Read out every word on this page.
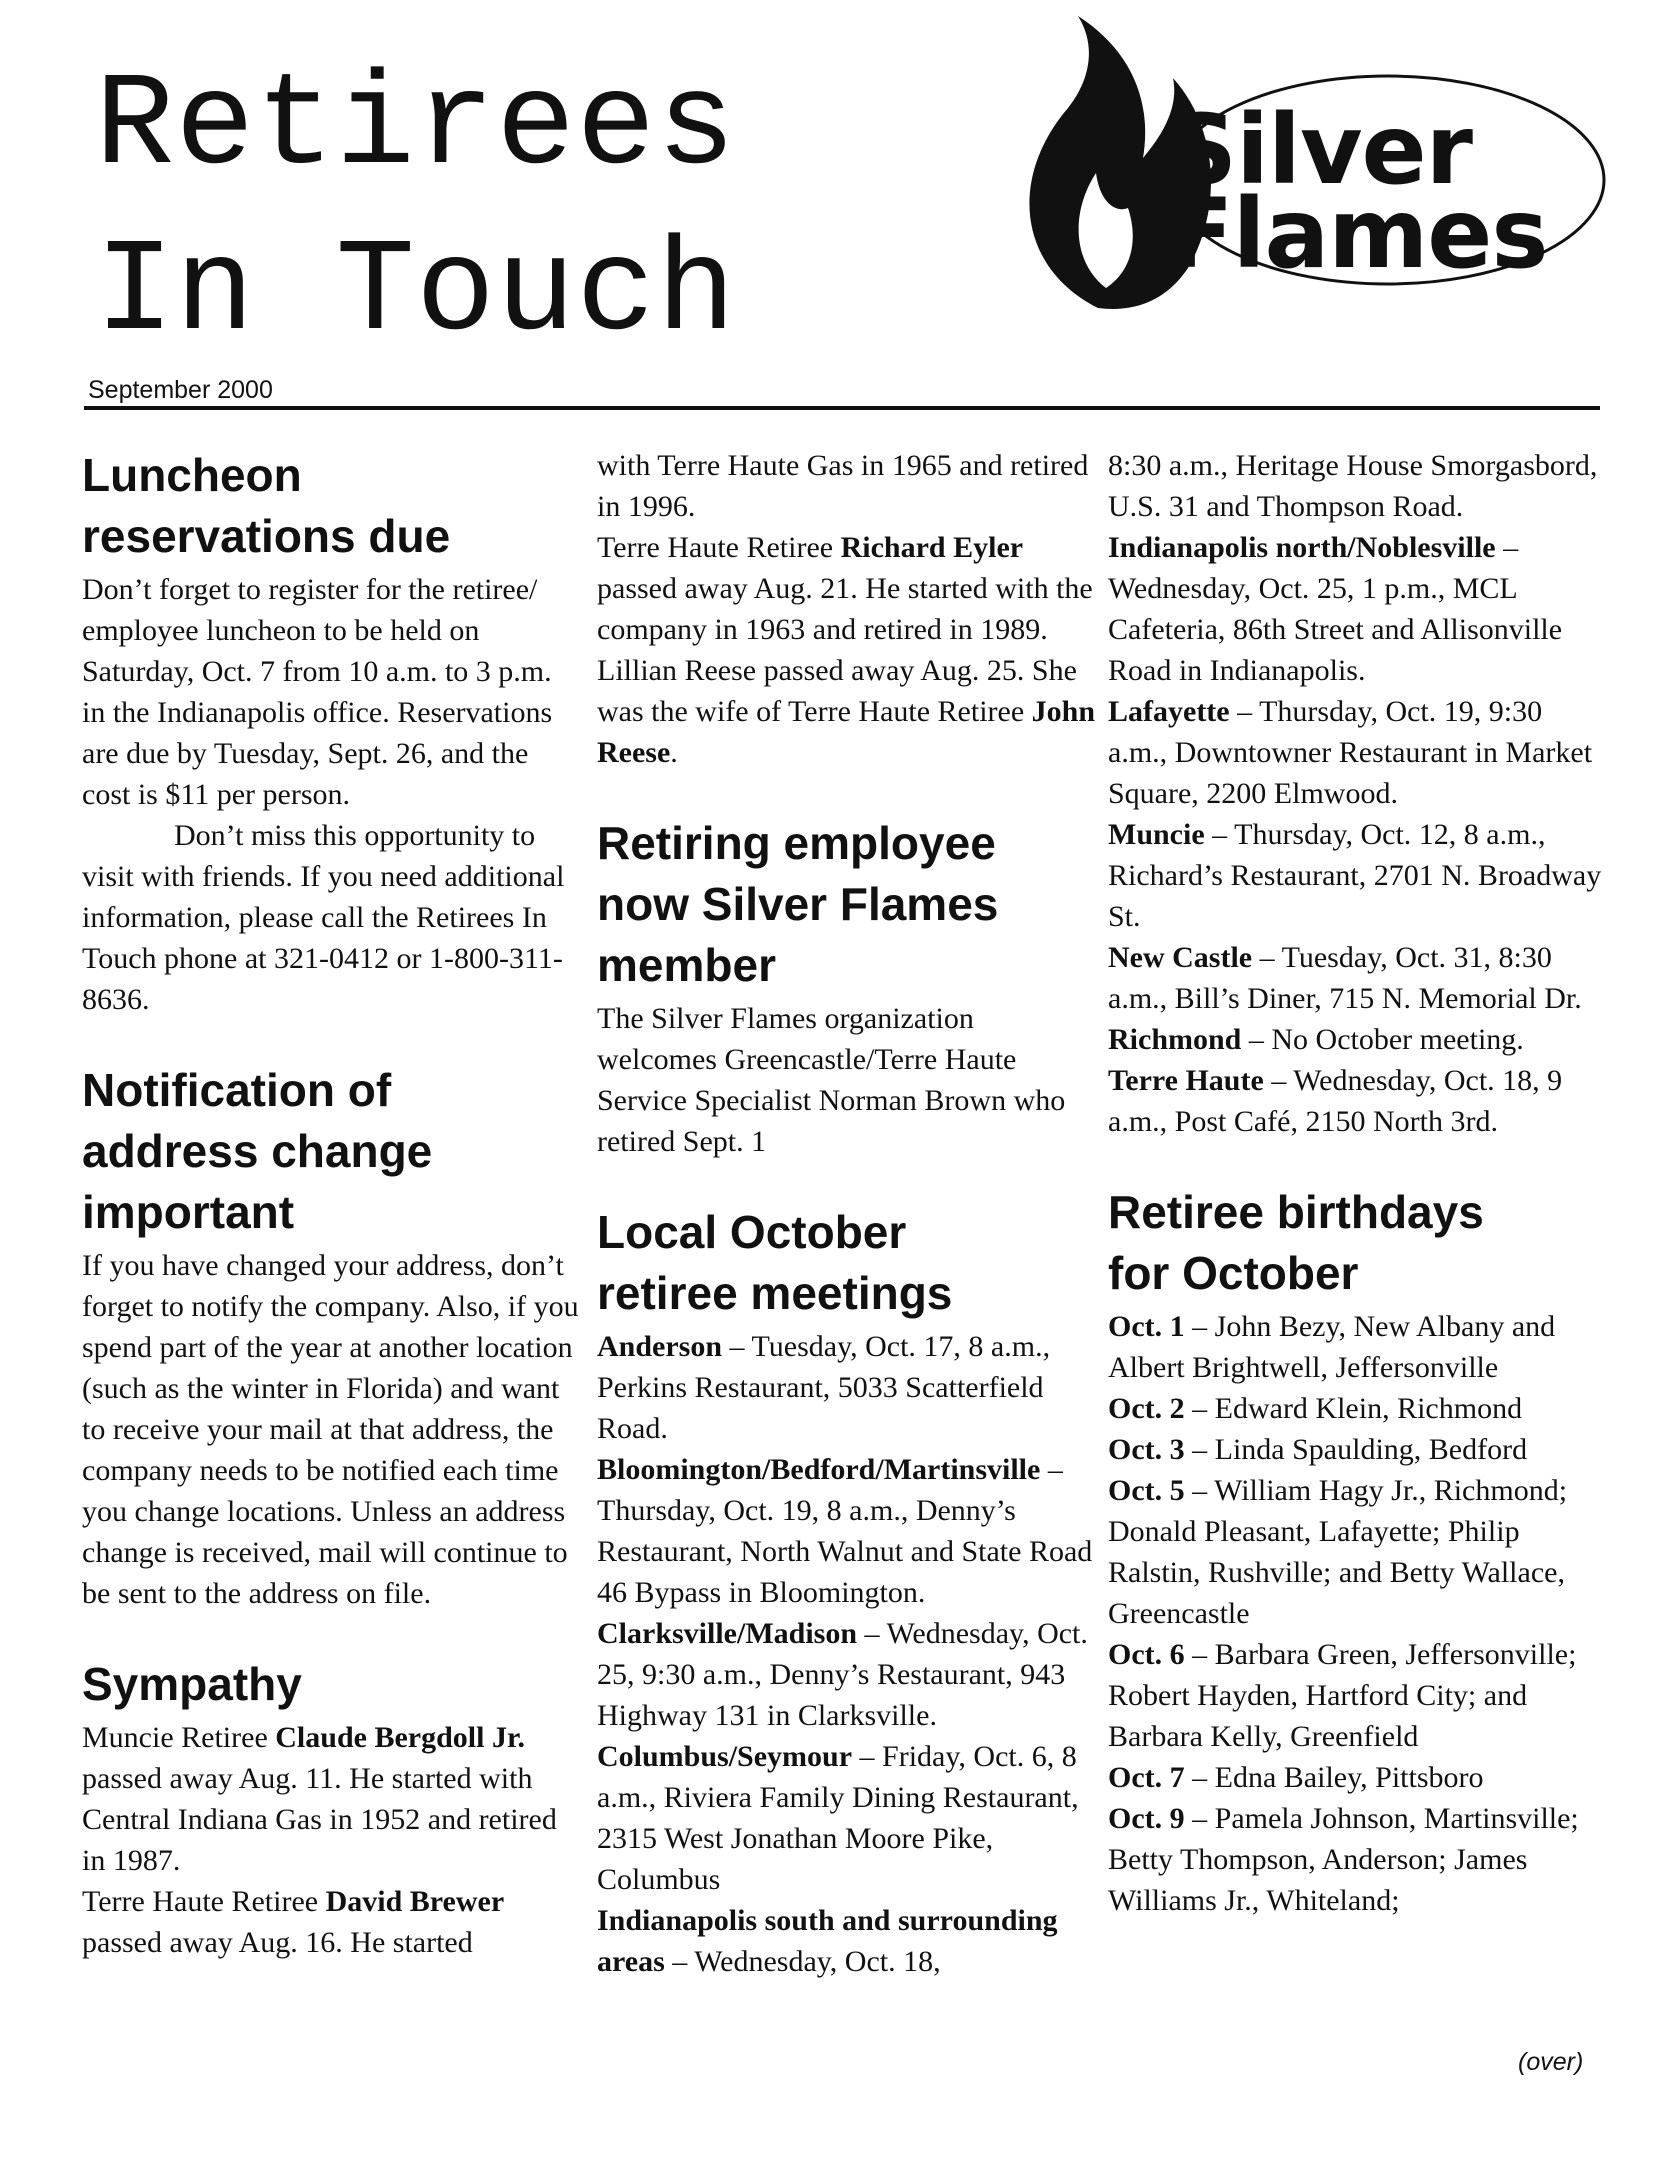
Retirees
In Touch
Silver
Flames
September 2000
Luncheon
reservations due

Don’t forget to register for the retiree/ employee luncheon to be held on Saturday, Oct. 7 from 10 a.m. to 3 p.m. in the Indianapolis office. Reservations are due by Tuesday, Sept. 26, and the cost is $11 per person.

Don’t miss this opportunity to visit with friends. If you need additional information, please call the Retirees In Touch phone at 321-0412 or 1-800-311-8636.

Notification of
address change
important

If you have changed your address, don’t forget to notify the company. Also, if you spend part of the year at another location (such as the winter in Florida) and want to receive your mail at that address, the company needs to be notified each time you change locations. Unless an address change is received, mail will continue to be sent to the address on file.

Sympathy

Muncie Retiree Claude Bergdoll Jr. passed away Aug. 11. He started with Central Indiana Gas in 1952 and retired in 1987.

Terre Haute Retiree David Brewer passed away Aug. 16. He started

with Terre Haute Gas in 1965 and retired in 1996.

Terre Haute Retiree Richard Eyler passed away Aug. 21. He started with the company in 1963 and retired in 1989.

Lillian Reese passed away Aug. 25. She was the wife of Terre Haute Retiree John Reese.

Retiring employee
now Silver Flames
member

The Silver Flames organization welcomes Greencastle/Terre Haute Service Specialist Norman Brown who retired Sept. 1

Local October
retiree meetings

Anderson – Tuesday, Oct. 17, 8 a.m., Perkins Restaurant, 5033 Scatterfield Road.

Bloomington/Bedford/Martinsville – Thursday, Oct. 19, 8 a.m., Denny’s Restaurant, North Walnut and State Road 46 Bypass in Bloomington.

Clarksville/Madison – Wednesday, Oct. 25, 9:30 a.m., Denny’s Restaurant, 943 Highway 131 in Clarksville.

Columbus/Seymour – Friday, Oct. 6, 8 a.m., Riviera Family Dining Restaurant, 2315 West Jonathan Moore Pike, Columbus

Indianapolis south and surrounding areas – Wednesday, Oct. 18,

8:30 a.m., Heritage House Smorgasbord, U.S. 31 and Thompson Road.

Indianapolis north/Noblesville – Wednesday, Oct. 25, 1 p.m., MCL Cafeteria, 86th Street and Allisonville Road in Indianapolis.

Lafayette – Thursday, Oct. 19, 9:30 a.m., Downtowner Restaurant in Market Square, 2200 Elmwood.

Muncie – Thursday, Oct. 12, 8 a.m., Richard’s Restaurant, 2701 N. Broadway St.

New Castle – Tuesday, Oct. 31, 8:30 a.m., Bill’s Diner, 715 N. Memorial Dr.

Richmond – No October meeting.

Terre Haute – Wednesday, Oct. 18, 9 a.m., Post Café, 2150 North 3rd.

Retiree birthdays
for October

Oct. 1 – John Bezy, New Albany and Albert Brightwell, Jeffersonville

Oct. 2 – Edward Klein, Richmond

Oct. 3 – Linda Spaulding, Bedford

Oct. 5 – William Hagy Jr., Richmond; Donald Pleasant, Lafayette; Philip Ralstin, Rushville; and Betty Wallace, Greencastle

Oct. 6 – Barbara Green, Jeffersonville; Robert Hayden, Hartford City; and Barbara Kelly, Greenfield

Oct. 7 – Edna Bailey, Pittsboro

Oct. 9 – Pamela Johnson, Martinsville; Betty Thompson, Anderson; James Williams Jr., Whiteland;

(over)
